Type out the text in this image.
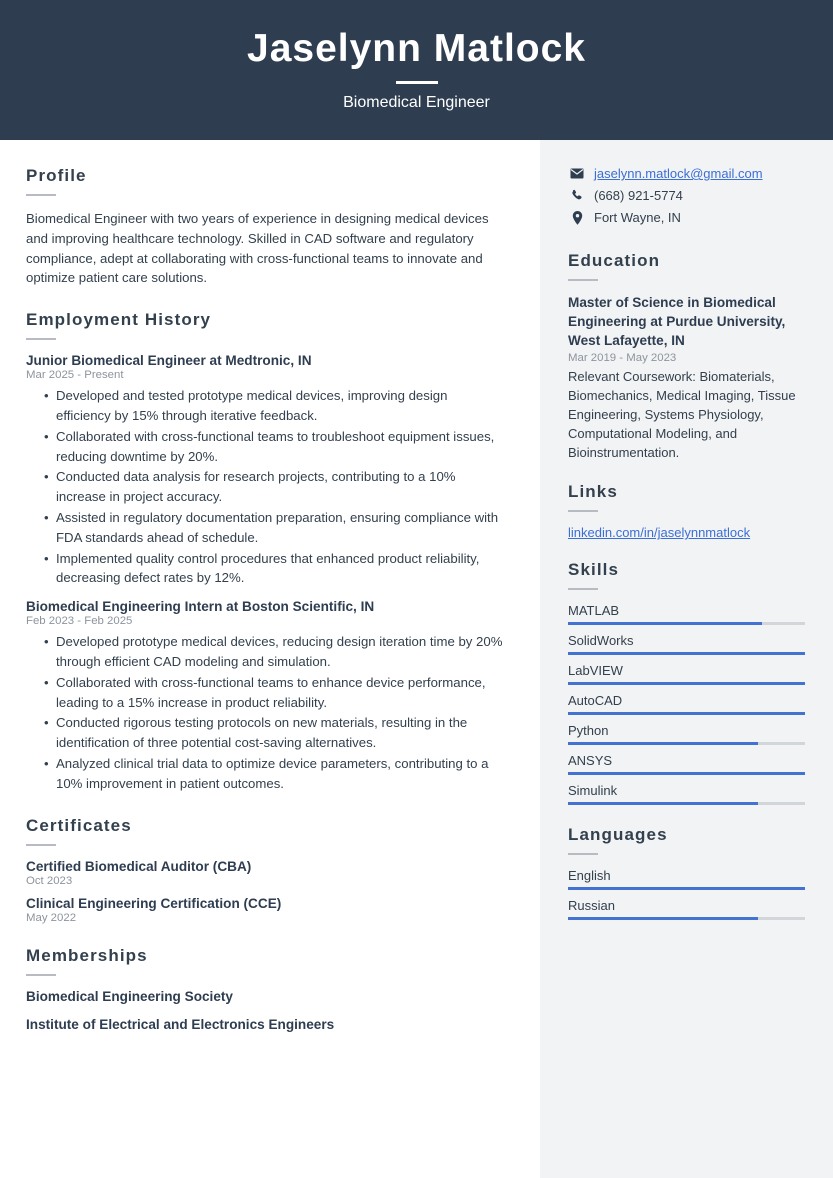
Jaselynn Matlock
Biomedical Engineer
Profile

Biomedical Engineer with two years of experience in designing medical devices and improving healthcare technology. Skilled in CAD software and regulatory compliance, adept at collaborating with cross-functional teams to innovate and optimize patient care solutions.

Employment History
Junior Biomedical Engineer at Medtronic, IN
Mar 2025 - Present
• Developed and tested prototype medical devices, improving design efficiency by 15% through iterative feedback.
• Collaborated with cross-functional teams to troubleshoot equipment issues, reducing downtime by 20%.
• Conducted data analysis for research projects, contributing to a 10% increase in project accuracy.
• Assisted in regulatory documentation preparation, ensuring compliance with FDA standards ahead of schedule.
• Implemented quality control procedures that enhanced product reliability, decreasing defect rates by 12%.
Biomedical Engineering Intern at Boston Scientific, IN
Feb 2023 - Feb 2025
• Developed prototype medical devices, reducing design iteration time by 20% through efficient CAD modeling and simulation.
• Collaborated with cross-functional teams to enhance device performance, leading to a 15% increase in product reliability.
• Conducted rigorous testing protocols on new materials, resulting in the identification of three potential cost-saving alternatives.
• Analyzed clinical trial data to optimize device parameters, contributing to a 10% improvement in patient outcomes.
Certificates
Certified Biomedical Auditor (CBA)
Oct 2023
Clinical Engineering Certification (CCE)
May 2022
Memberships
Biomedical Engineering Society
Institute of Electrical and Electronics Engineers
jaselynn.matlock@gmail.com
(668) 921-5774
Fort Wayne, IN
Education
Master of Science in Biomedical Engineering at Purdue University, West Lafayette, IN
Mar 2019 - May 2023

Relevant Coursework: Biomaterials, Biomechanics, Medical Imaging, Tissue Engineering, Systems Physiology, Computational Modeling, and Bioinstrumentation.

Links
linkedin.com/in/jaselynnmatlock
Skills
MATLAB
SolidWorks
LabVIEW
AutoCAD
Python
ANSYS
Simulink
Languages
English
Russian
